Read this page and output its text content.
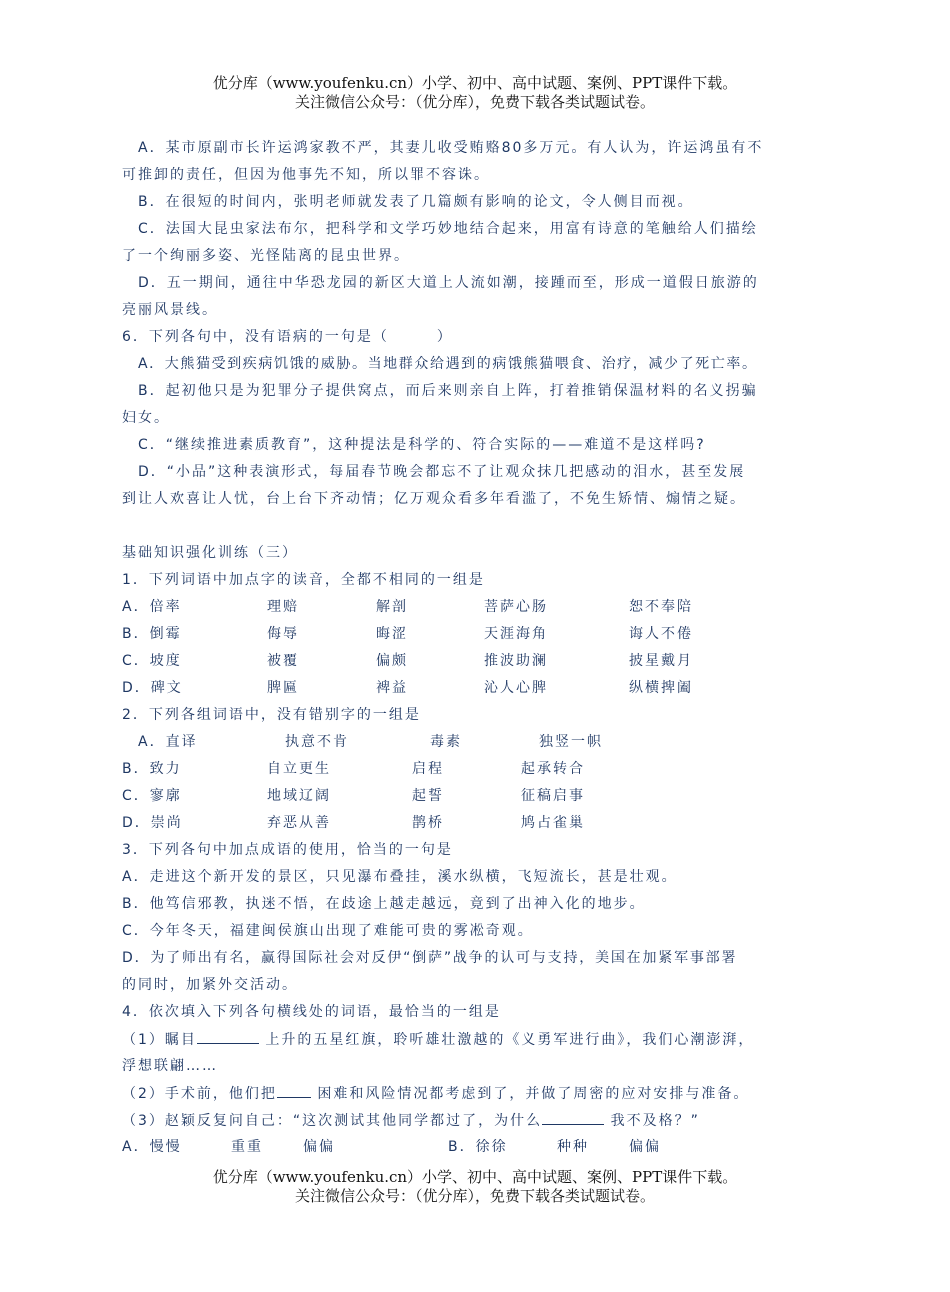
优分库（www.youfenku.cn）小学、初中、高中试题、案例、PPT课件下载。
关注微信公众号：（优分库），免费下载各类试题试卷。
A．某市原副市长许运鸿家教不严，其妻儿收受贿赂80多万元。有人认为，许运鸿虽有不
可推卸的责任，但因为他事先不知，所以罪不容诛。
B．在很短的时间内，张明老师就发表了几篇颇有影响的论文，令人侧目而视。
C．法国大昆虫家法布尔，把科学和文学巧妙地结合起来，用富有诗意的笔触给人们描绘
了一个绚丽多姿、光怪陆离的昆虫世界。
D．五一期间，通往中华恐龙园的新区大道上人流如潮，接踵而至，形成一道假日旅游的
亮丽风景线。
6．下列各句中，没有语病的一句是（　　　）
A．大熊猫受到疾病饥饿的威胁。当地群众给遇到的病饿熊猫喂食、治疗，减少了死亡率。
B．起初他只是为犯罪分子提供窝点，而后来则亲自上阵，打着推销保温材料的名义拐骗
妇女。
C．“继续推进素质教育”，这种提法是科学的、符合实际的——难道不是这样吗?
D．“小品”这种表演形式，每届春节晚会都忘不了让观众抹几把感动的泪水，甚至发展
到让人欢喜让人忧，台上台下齐动情；亿万观众看多年看滥了，不免生矫情、煽情之疑。
基础知识强化训练（三）
1．下列词语中加点字的读音，全都不相同的一组是
A．倍率	理赔	解剖	菩萨心肠	恕不奉陪
B．倒霉	侮辱	晦涩	天涯海角	诲人不倦
C．坡度	被覆	偏颇	推波助澜	披星戴月
D．碑文	脾匾	裨益	沁人心脾	纵横捭阖
2．下列各组词语中，没有错别字的一组是
A．直译	执意不肯	毒素	独竖一帜
B．致力	自立更生	启程	起承转合
C．寥廓	地域辽阔	起誓	征稿启事
D．崇尚	弃恶从善	鹊桥	鸠占雀巢
3．下列各句中加点成语的使用，恰当的一句是
A．走进这个新开发的景区，只见瀑布叠挂，溪水纵横，飞短流长，甚是壮观。
B．他笃信邪教，执迷不悟，在歧途上越走越远，竟到了出神入化的地步。
C．今年冬天，福建闽侯旗山出现了难能可贵的雾凇奇观。
D．为了师出有名，赢得国际社会对反伊“倒萨”战争的认可与支持，美国在加紧军事部署
的同时，加紧外交活动。
4．依次填入下列各句横线处的词语，最恰当的一组是
（1）瞩目	上升的五星红旗，聆听雄壮激越的《义勇军进行曲》，我们心潮澎湃，
浮想联翩……
（2）手术前，他们把	困难和风险情况都考虑到了，并做了周密的应对安排与准备。
（3）赵颖反复问自己：“这次测试其他同学都过了，为什么	我不及格？”
A．慢慢	重重	偏偏	B．徐徐	种种	偏偏
优分库（www.youfenku.cn）小学、初中、高中试题、案例、PPT课件下载。
关注微信公众号：（优分库），免费下载各类试题试卷。
